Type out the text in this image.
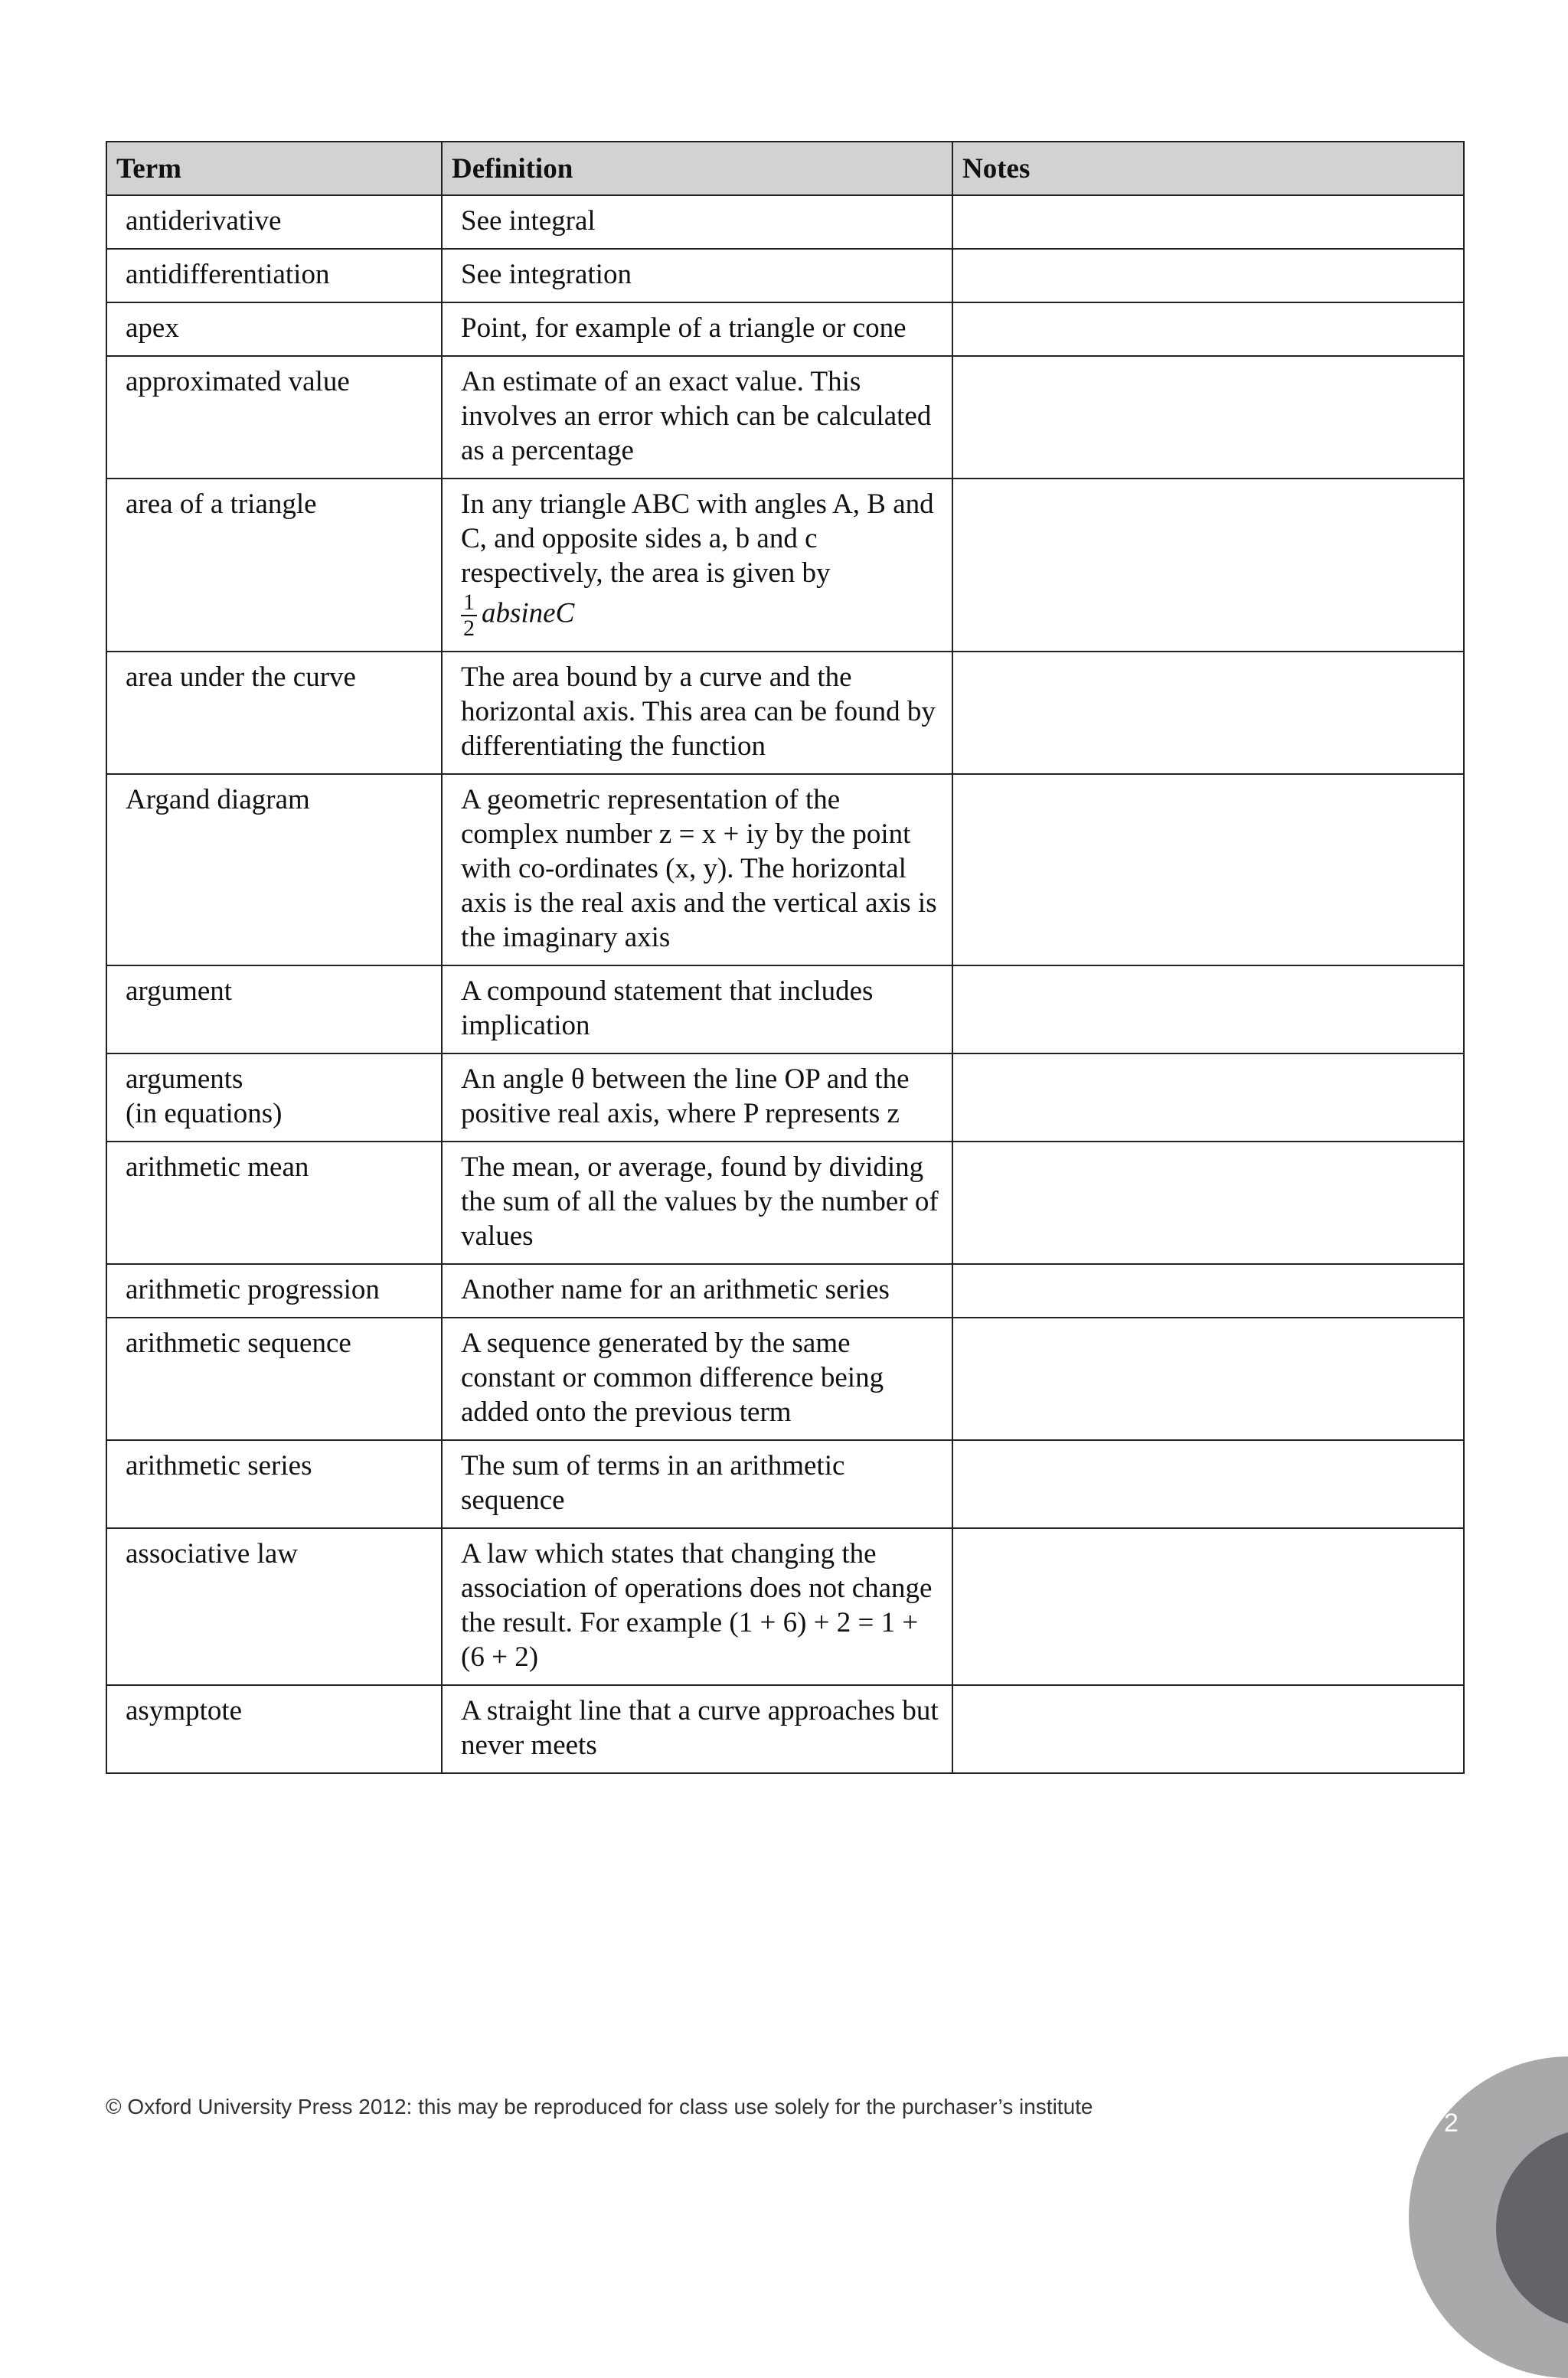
Term	Definition	Notes
antiderivative	See integral	
antidifferentiation	See integration	
apex	Point, for example of a triangle or cone	
approximated value	An estimate of an exact value. This involves an error which can be calculated as a percentage	
area of a triangle	In any triangle ABC with angles A, B and C, and opposite sides a, b and c respectively, the area is given by

$\frac{1}{2}$ absineC	
area under the curve	The area bound by a curve and the horizontal axis. This area can be found by differentiating the function	
Argand diagram	A geometric representation of the complex number z = x + iy by the point with co-ordinates (x, y). The horizontal axis is the real axis and the vertical axis is the imaginary axis	
argument	A compound statement that includes implication	
arguments
(in equations)	An angle θ between the line OP and the positive real axis, where P represents z	
arithmetic mean	The mean, or average, found by dividing the sum of all the values by the number of values	
arithmetic progression	Another name for an arithmetic series	
arithmetic sequence	A sequence generated by the same constant or common difference being added onto the previous term	
arithmetic series	The sum of terms in an arithmetic sequence	
associative law	A law which states that changing the association of operations does not change the result. For example (1 + 6) + 2 = 1 + (6 + 2)	
asymptote	A straight line that a curve approaches but never meets	
© Oxford University Press 2012: this may be reproduced for class use solely for the purchaser’s institute
2
